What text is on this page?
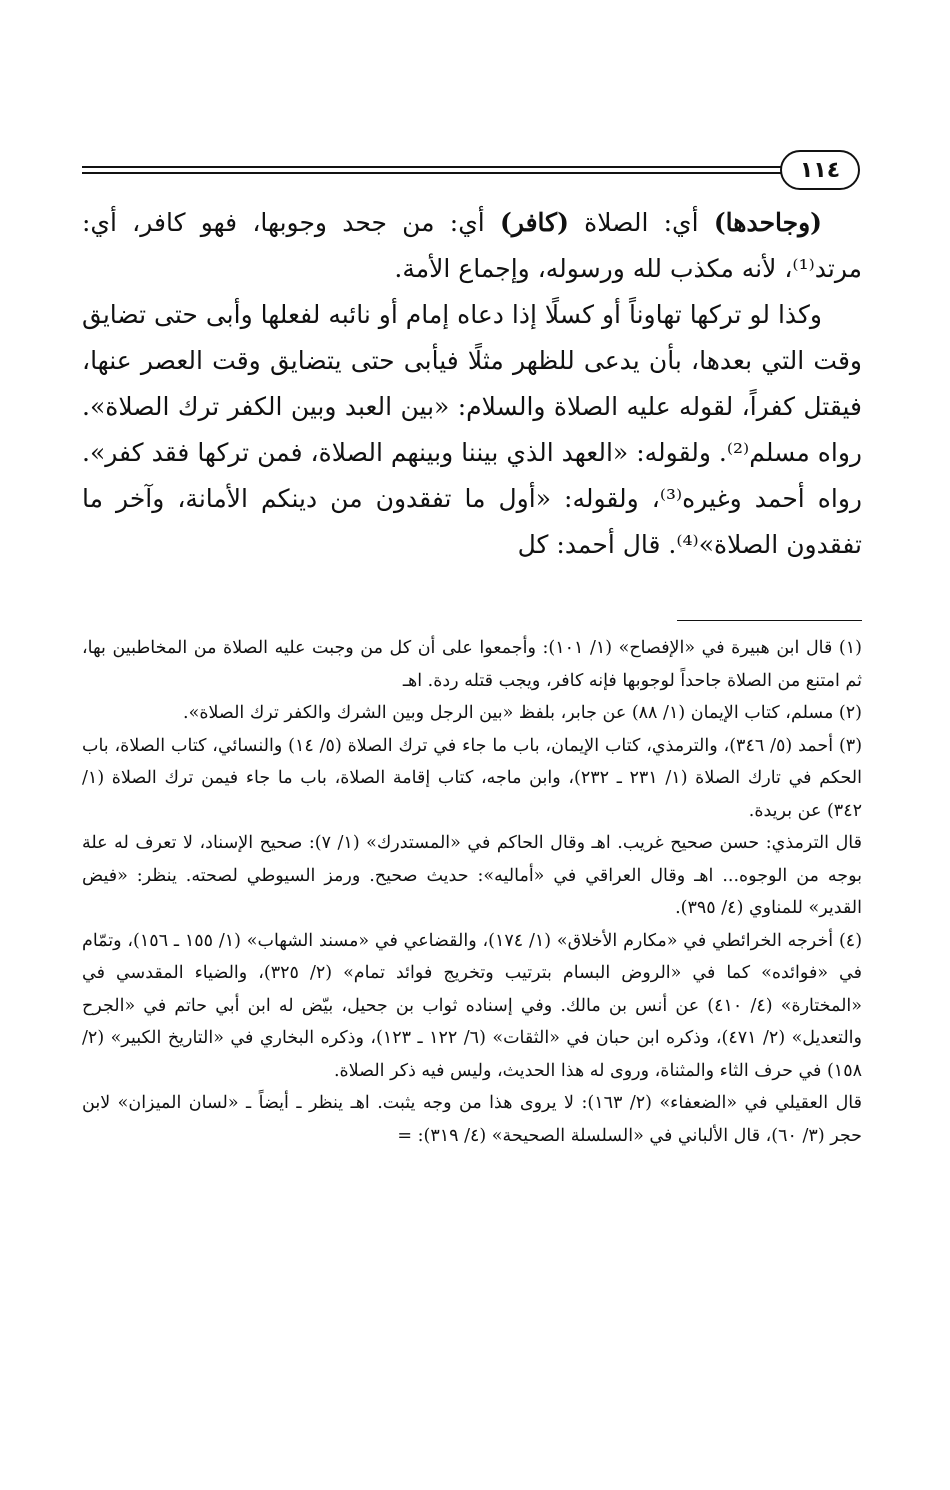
١١٤

(وجاحدها) أي: الصلاة (كافر) أي: من جحد وجوبها، فهو كافر، أي: مرتد⁽¹⁾، لأنه مكذب لله ورسوله، وإجماع الأمة.

وكذا لو تركها تهاوناً أو كسلًا إذا دعاه إمام أو نائبه لفعلها وأبى حتى تضايق وقت التي بعدها، بأن يدعى للظهر مثلًا فيأبى حتى يتضايق وقت العصر عنها، فيقتل كفراً، لقوله عليه الصلاة والسلام: «بين العبد وبين الكفر ترك الصلاة». رواه مسلم⁽²⁾. ولقوله: «العهد الذي بيننا وبينهم الصلاة، فمن تركها فقد كفر». رواه أحمد وغيره⁽³⁾، ولقوله: «أول ما تفقدون من دينكم الأمانة، وآخر ما تفقدون الصلاة»⁽⁴⁾. قال أحمد: كل

(١) قال ابن هبيرة في «الإفصاح» (١/ ١٠١): وأجمعوا على أن كل من وجبت عليه الصلاة من المخاطبين بها، ثم امتنع من الصلاة جاحداً لوجوبها فإنه كافر، ويجب قتله ردة. اهـ

(٢) مسلم، كتاب الإيمان (١/ ٨٨) عن جابر، بلفظ «بين الرجل وبين الشرك والكفر ترك الصلاة».

(٣) أحمد (٥/ ٣٤٦)، والترمذي، كتاب الإيمان، باب ما جاء في ترك الصلاة (٥/ ١٤) والنسائي، كتاب الصلاة، باب الحكم في تارك الصلاة (١/ ٢٣١ ـ ٢٣٢)، وابن ماجه، كتاب إقامة الصلاة، باب ما جاء فيمن ترك الصلاة (١/ ٣٤٢) عن بريدة.

قال الترمذي: حسن صحيح غريب. اهـ وقال الحاكم في «المستدرك» (١/ ٧): صحيح الإسناد، لا تعرف له علة بوجه من الوجوه... اهـ وقال العراقي في «أماليه»: حديث صحيح. ورمز السيوطي لصحته. ينظر: «فيض القدير» للمناوي (٤/ ٣٩٥).

(٤) أخرجه الخرائطي في «مكارم الأخلاق» (١/ ١٧٤)، والقضاعي في «مسند الشهاب» (١/ ١٥٥ ـ ١٥٦)، وتمّام في «فوائده» كما في «الروض البسام بترتيب وتخريج فوائد تمام» (٢/ ٣٢٥)، والضياء المقدسي في «المختارة» (٤/ ٤١٠) عن أنس بن مالك. وفي إسناده ثواب بن جحيل، بيّض له ابن أبي حاتم في «الجرح والتعديل» (٢/ ٤٧١)، وذكره ابن حبان في «الثقات» (٦/ ١٢٢ ـ ١٢٣)، وذكره البخاري في «التاريخ الكبير» (٢/ ١٥٨) في حرف الثاء والمثناة، وروى له هذا الحديث، وليس فيه ذكر الصلاة.

قال العقيلي في «الضعفاء» (٢/ ١٦٣): لا يروى هذا من وجه يثبت. اهـ ينظر ـ أيضاً ـ «لسان الميزان» لابن حجر (٣/ ٦٠)، قال الألباني في «السلسلة الصحيحة» (٤/ ٣١٩): =
